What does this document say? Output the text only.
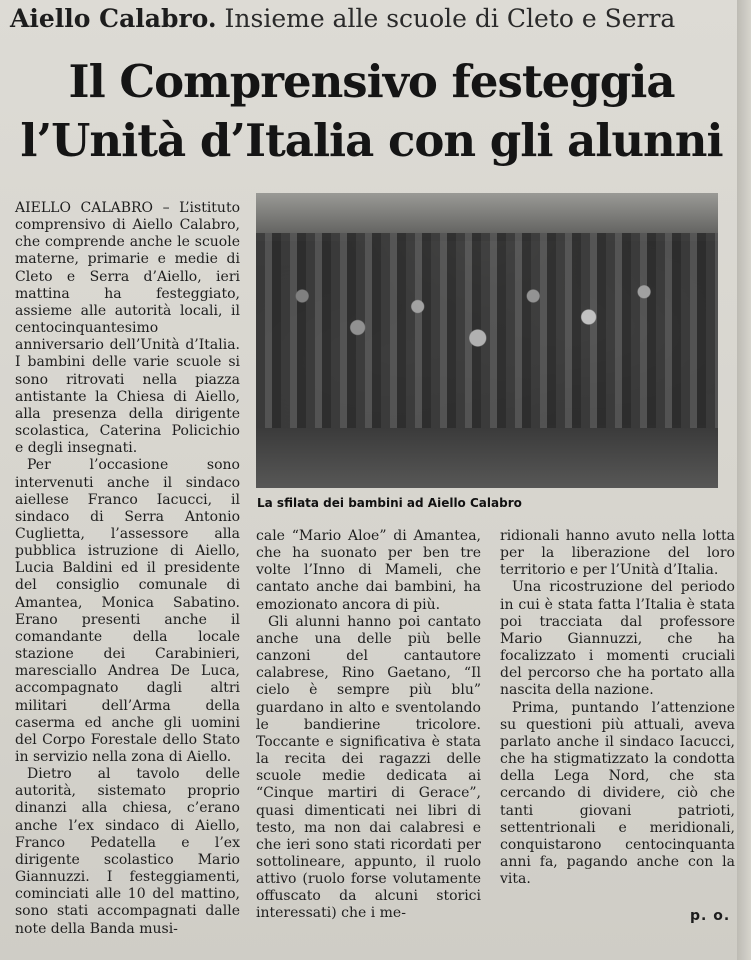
Aiello Calabro. Insieme alle scuole di Cleto e Serra
Il Comprensivo festeggia
l’Unità d’Italia con gli alunni

AIELLO CALABRO – L’istituto comprensivo di Aiello Calabro, che comprende anche le scuole materne, primarie e medie di Cleto e Serra d’Aiello, ieri mattina ha festeggiato, assieme alle autorità locali, il centocinquantesimo anniversario dell’Unità d’Italia. I bambini delle varie scuole si sono ritrovati nella piazza antistante la Chiesa di Aiello, alla presenza della dirigente scolastica, Caterina Policichio e degli insegnati.

Per l’occasione sono intervenuti anche il sindaco aiellese Franco Iacucci, il sindaco di Serra Antonio Cuglietta, l’assessore alla pubblica istruzione di Aiello, Lucia Baldini ed il presidente del consiglio comunale di Amantea, Monica Sabatino. Erano presenti anche il comandante della locale stazione dei Carabinieri, maresciallo Andrea De Luca, accompagnato dagli altri militari dell’Arma della caserma ed anche gli uomini del Corpo Forestale dello Stato in servizio nella zona di Aiello.

Dietro al tavolo delle autorità, sistemato proprio dinanzi alla chiesa, c’erano anche l’ex sindaco di Aiello, Franco Pedatella e l’ex dirigente scolastico Mario Giannuzzi. I festeggiamenti, cominciati alle 10 del mattino, sono stati accompagnati dalle note della Banda musi-

La sfilata dei bambini ad Aiello Calabro

cale “Mario Aloe” di Amantea, che ha suonato per ben tre volte l’Inno di Mameli, che cantato anche dai bambini, ha emozionato ancora di più.

Gli alunni hanno poi cantato anche una delle più belle canzoni del cantautore calabrese, Rino Gaetano, “Il cielo è sempre più blu” guardano in alto e sventolando le bandierine tricolore. Toccante e significativa è stata la recita dei ragazzi delle scuole medie dedicata ai “Cinque martiri di Gerace”, quasi dimenticati nei libri di testo, ma non dai calabresi e che ieri sono stati ricordati per sottolineare, appunto, il ruolo attivo (ruolo forse volutamente offuscato da alcuni storici interessati) che i me-

ridionali hanno avuto nella lotta per la liberazione del loro territorio e per l’Unità d’Italia.

Una ricostruzione del periodo in cui è stata fatta l’Italia è stata poi tracciata dal professore Mario Giannuzzi, che ha focalizzato i momenti cruciali del percorso che ha portato alla nascita della nazione.

Prima, puntando l’attenzione su questioni più attuali, aveva parlato anche il sindaco Iacucci, che ha stigmatizzato la condotta della Lega Nord, che sta cercando di dividere, ciò che tanti giovani patrioti, settentrionali e meridionali, conquistarono centocinquanta anni fa, pagando anche con la vita.

p. o.
